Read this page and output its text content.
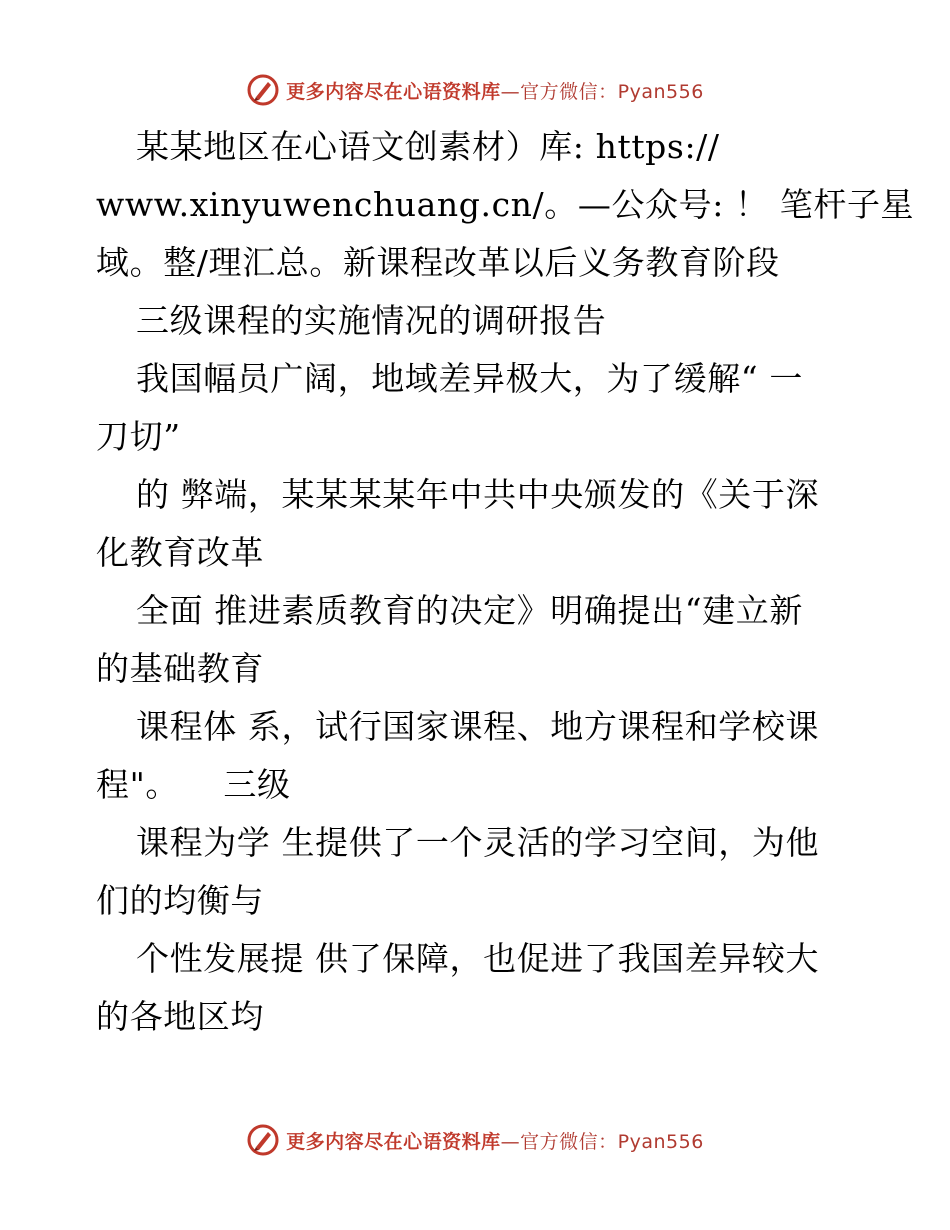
更多内容尽在心语资料库—官方微信：Pyan556
某某地区在心语文创素材）库: https://
www.xinyuwenchuang.cn/。—公众号: ！ 笔杆子星
域。整/理汇总。新课程改革以后义务教育阶段
三级课程的实施情况的调研报告
我国幅员广阔，地域差异极大，为了缓解“ 一
刀切”
的 弊端，某某某某年中共中央颁发的《关于深
化教育改革
全面 推进素质教育的决定》明确提出“建立新
的基础教育
课程体 系，试行国家课程、地方课程和学校课
程"。    三级
课程为学 生提供了一个灵活的学习空间，为他
们的均衡与
个性发展提 供了保障，也促进了我国差异较大
的各地区均
更多内容尽在心语资料库—官方微信：Pyan556
